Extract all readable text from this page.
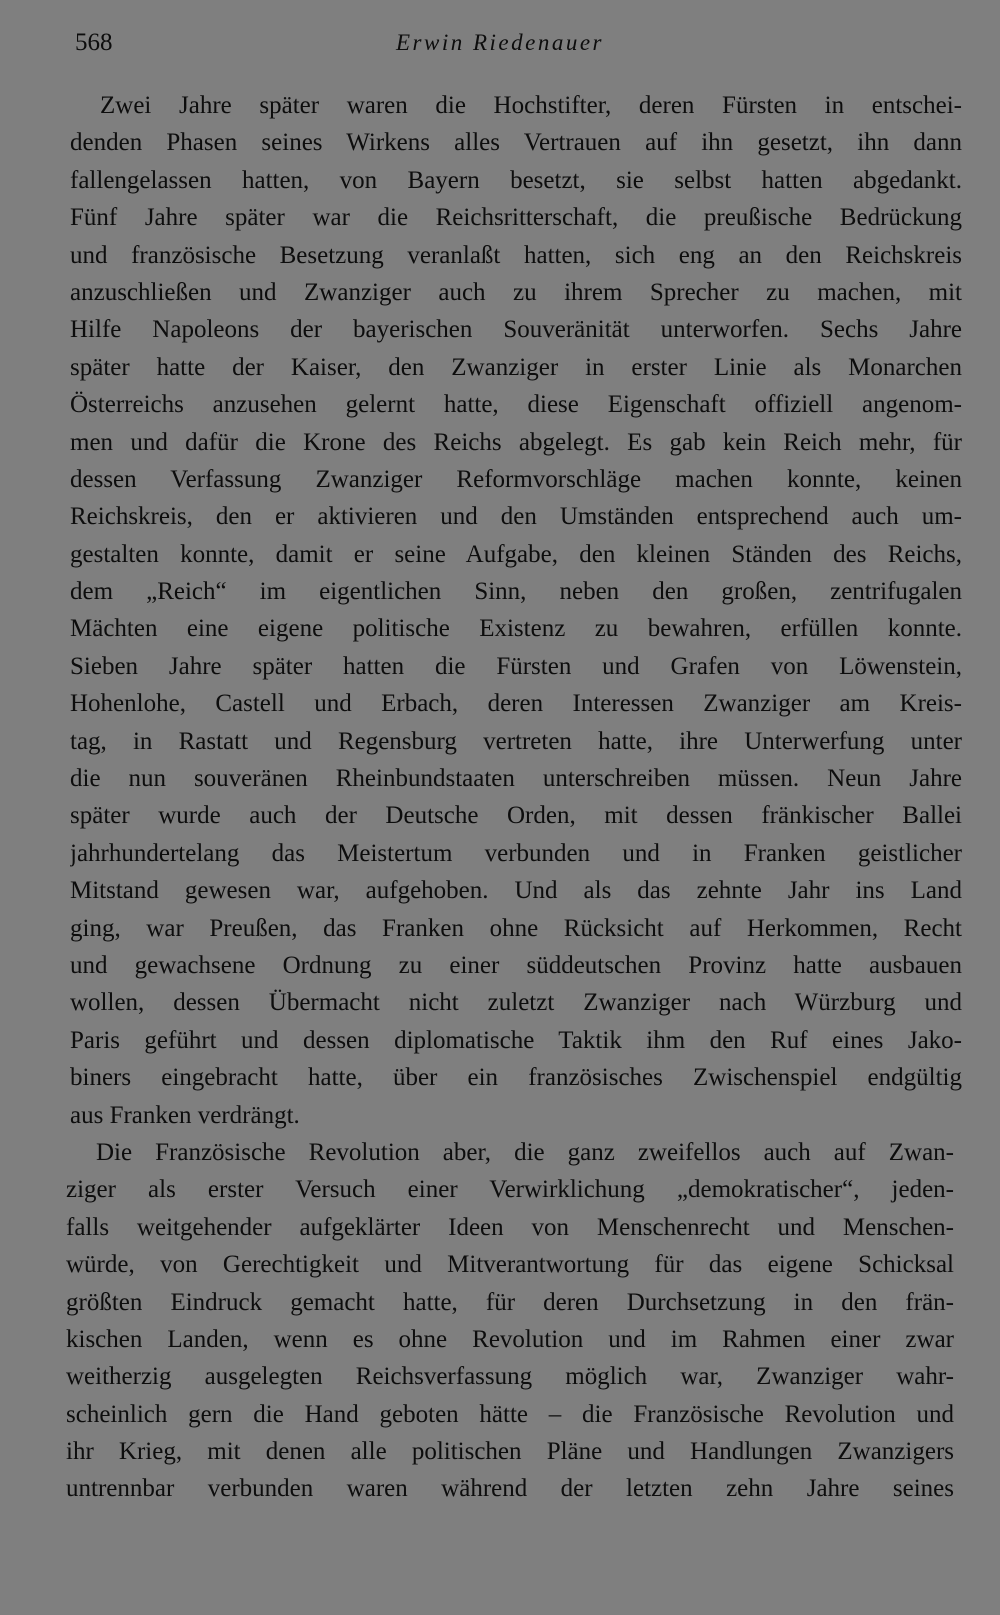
568	Erwin Riedenauer
Zwei Jahre später waren die Hochstifter, deren Fürsten in entschei-
denden Phasen seines Wirkens alles Vertrauen auf ihn gesetzt, ihn dann
fallengelassen hatten, von Bayern besetzt, sie selbst hatten abgedankt.
Fünf Jahre später war die Reichsritterschaft, die preußische Bedrückung
und französische Besetzung veranlaßt hatten, sich eng an den Reichskreis
anzuschließen und Zwanziger auch zu ihrem Sprecher zu machen, mit
Hilfe Napoleons der bayerischen Souveränität unterworfen. Sechs Jahre
später hatte der Kaiser, den Zwanziger in erster Linie als Monarchen
Österreichs anzusehen gelernt hatte, diese Eigenschaft offiziell angenom-
men und dafür die Krone des Reichs abgelegt. Es gab kein Reich mehr, für
dessen Verfassung Zwanziger Reformvorschläge machen konnte, keinen
Reichskreis, den er aktivieren und den Umständen entsprechend auch um-
gestalten konnte, damit er seine Aufgabe, den kleinen Ständen des Reichs,
dem „Reich“ im eigentlichen Sinn, neben den großen, zentrifugalen
Mächten eine eigene politische Existenz zu bewahren, erfüllen konnte.
Sieben Jahre später hatten die Fürsten und Grafen von Löwenstein,
Hohenlohe, Castell und Erbach, deren Interessen Zwanziger am Kreis-
tag, in Rastatt und Regensburg vertreten hatte, ihre Unterwerfung unter
die nun souveränen Rheinbundstaaten unterschreiben müssen. Neun Jahre
später wurde auch der Deutsche Orden, mit dessen fränkischer Ballei
jahrhundertelang das Meistertum verbunden und in Franken geistlicher
Mitstand gewesen war, aufgehoben. Und als das zehnte Jahr ins Land
ging, war Preußen, das Franken ohne Rücksicht auf Herkommen, Recht
und gewachsene Ordnung zu einer süddeutschen Provinz hatte ausbauen
wollen, dessen Übermacht nicht zuletzt Zwanziger nach Würzburg und
Paris geführt und dessen diplomatische Taktik ihm den Ruf eines Jako-
biners eingebracht hatte, über ein französisches Zwischenspiel endgültig
aus Franken verdrängt.
Die Französische Revolution aber, die ganz zweifellos auch auf Zwan-
ziger als erster Versuch einer Verwirklichung „demokratischer“, jeden-
falls weitgehender aufgeklärter Ideen von Menschenrecht und Menschen-
würde, von Gerechtigkeit und Mitverantwortung für das eigene Schicksal
größten Eindruck gemacht hatte, für deren Durchsetzung in den frän-
kischen Landen, wenn es ohne Revolution und im Rahmen einer zwar
weitherzig ausgelegten Reichsverfassung möglich war, Zwanziger wahr-
scheinlich gern die Hand geboten hätte – die Französische Revolution und
ihr Krieg, mit denen alle politischen Pläne und Handlungen Zwanzigers
untrennbar verbunden waren während der letzten zehn Jahre seines
